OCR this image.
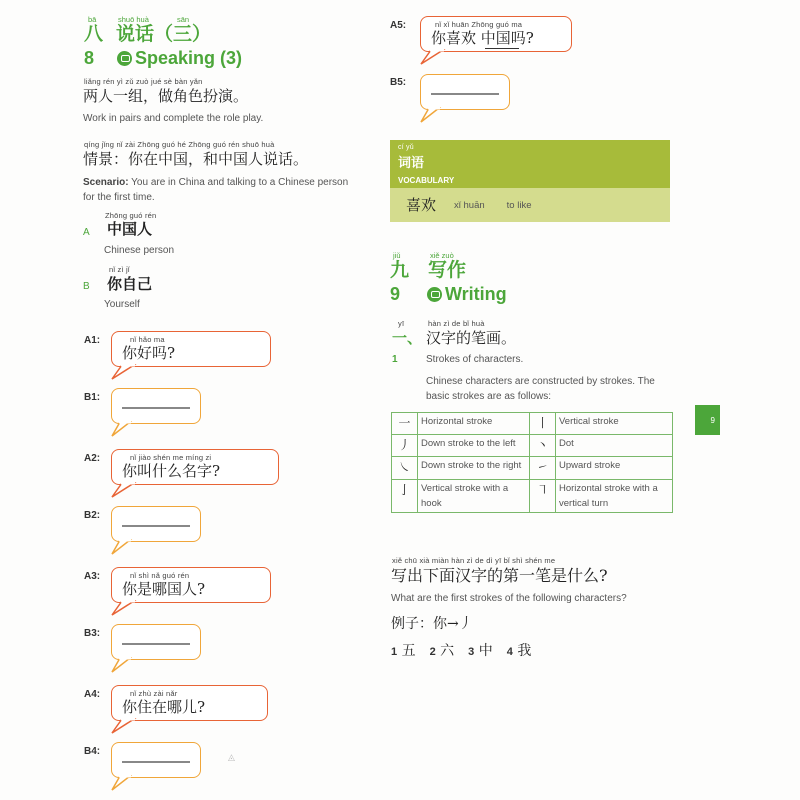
bā	shuō huà	sān
八 说话（三）
8 Speaking (3)
liǎng rén yì zǔ zuò jué sè bàn yǎn
两人一组，做角色扮演。
Work in pairs and complete the role play.
qíng jǐng nǐ zài Zhōng guó hé Zhōng guó rén shuō huà
情景：你在中国，和中国人说话。
Scenario: You are in China and talking to a Chinese person for the first time.
Zhōng guó rén
A 中国人
Chinese person
nǐ zì jǐ
B 你自己
Yourself
A1:	nǐ hǎo ma
你好吗?
B1:
A2:	nǐ jiào shén me míng zi
你叫什么名字?
B2:
A3:	nǐ shì nǎ guó rén
你是哪国人?
B3:
A4:	nǐ zhù zài nǎr
你住在哪儿?
B4:	◬
A5:	nǐ xǐ huān Zhōng guó ma
你喜欢 中国吗?
B5:
cí yǔ
词语
VOCABULARY
喜欢 xǐ huān to like
jiǔ	xiě zuò
九 写作
9 Writing
yī	hàn zì de bǐ huà
一、 汉字的笔画。
1	Strokes of characters.
Chinese characters are constructed by strokes. The basic strokes are as follows:
一	Horizontal stroke	丨	Vertical stroke
丿	Down stroke to the left	丶	Dot
㇏	Down stroke to the right	㇀	Upward stroke
亅	Vertical stroke with a hook	㇕	Horizontal stroke with a vertical turn
xiě chū xià miàn hàn zì de dì yī bǐ shì shén me
写出下面汉字的第一笔是什么?
What are the first strokes of the following characters?
例子：你→丿
1 五 2 六 3 中 4 我
9
